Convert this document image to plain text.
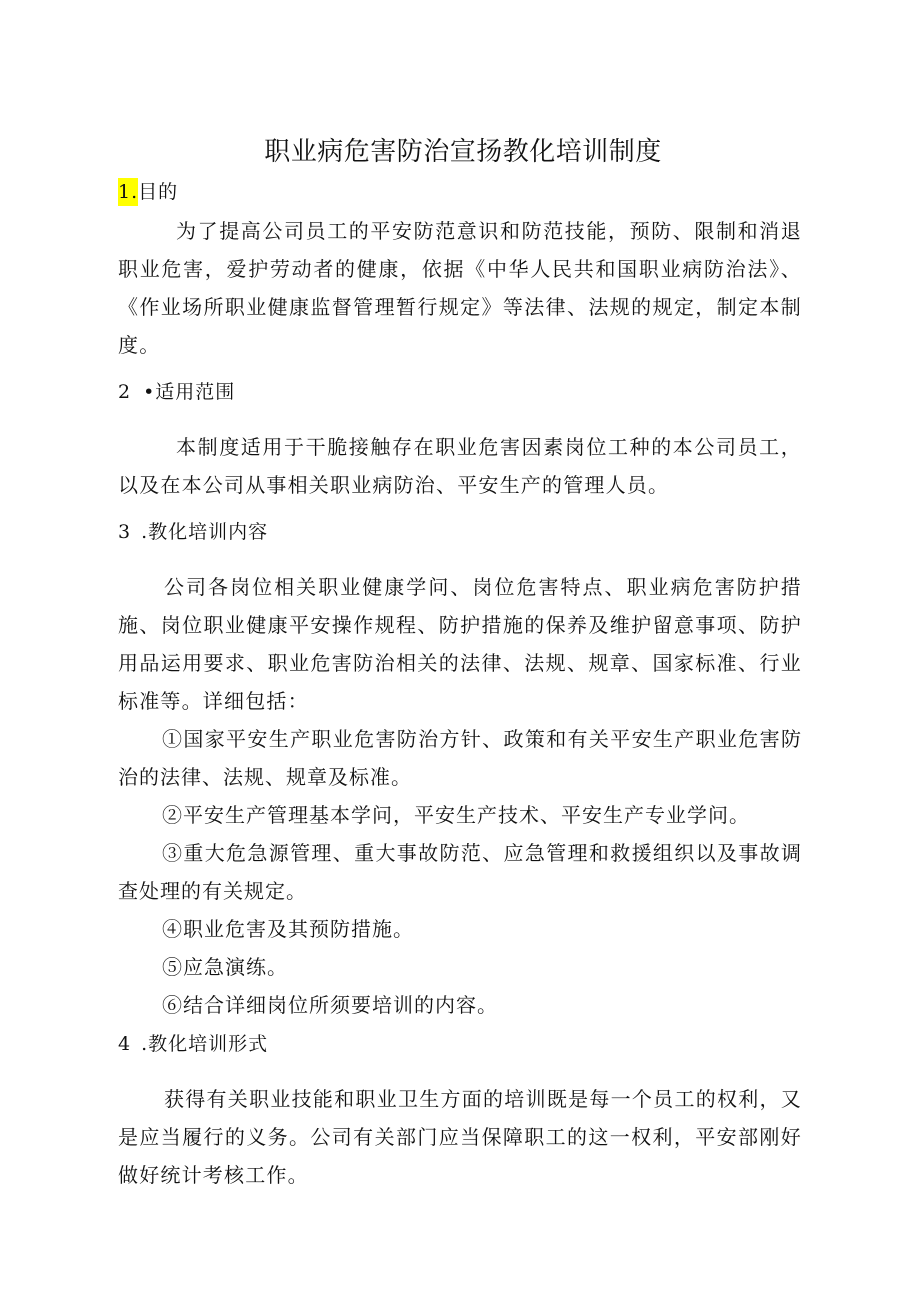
职业病危害防治宣扬教化培训制度

1.目的

为了提高公司员工的平安防范意识和防范技能，预防、限制和消退职业危害，爱护劳动者的健康，依据《中华人民共和国职业病防治法》、《作业场所职业健康监督管理暂行规定》等法律、法规的规定，制定本制度。

2 •适用范围

本制度适用于干脆接触存在职业危害因素岗位工种的本公司员工，以及在本公司从事相关职业病防治、平安生产的管理人员。

3 .教化培训内容

公司各岗位相关职业健康学问、岗位危害特点、职业病危害防护措施、岗位职业健康平安操作规程、防护措施的保养及维护留意事项、防护用品运用要求、职业危害防治相关的法律、法规、规章、国家标准、行业标准等。详细包括：

①国家平安生产职业危害防治方针、政策和有关平安生产职业危害防治的法律、法规、规章及标准。

②平安生产管理基本学问，平安生产技术、平安生产专业学问。

③重大危急源管理、重大事故防范、应急管理和救援组织以及事故调查处理的有关规定。

④职业危害及其预防措施。

⑤应急演练。

⑥结合详细岗位所须要培训的内容。

4 .教化培训形式

获得有关职业技能和职业卫生方面的培训既是每一个员工的权利，又是应当履行的义务。公司有关部门应当保障职工的这一权利，平安部刚好做好统计考核工作。
